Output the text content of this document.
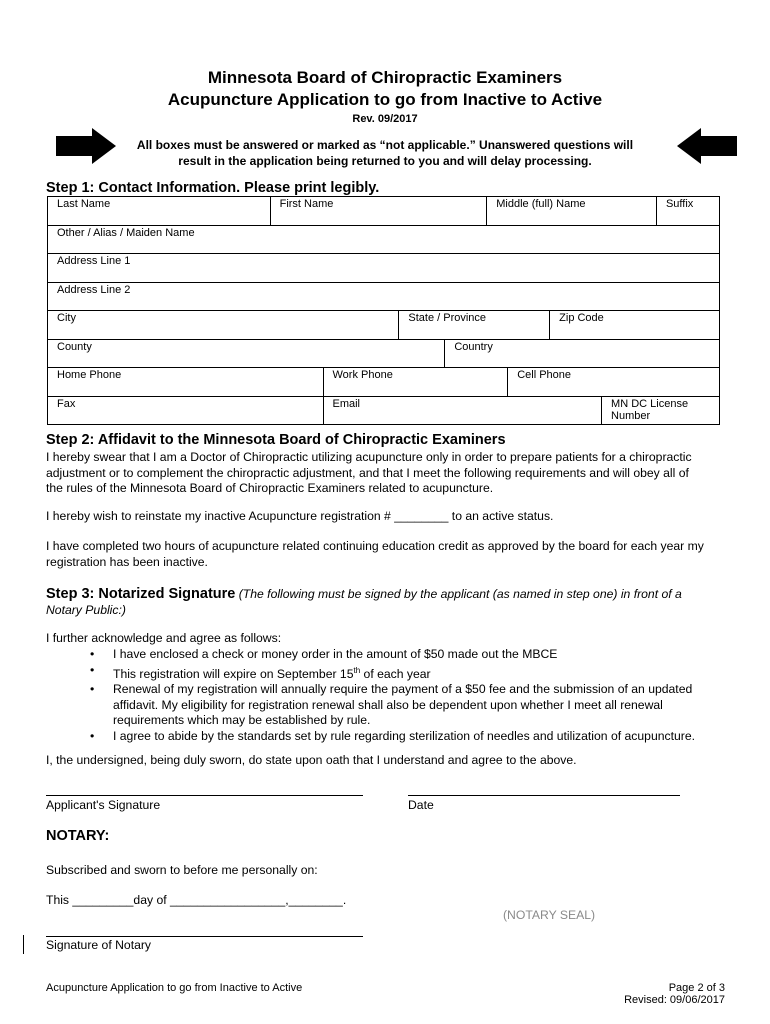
Minnesota Board of Chiropractic Examiners
Acupuncture Application to go from Inactive to Active
Rev. 09/2017
All boxes must be answered or marked as “not applicable.” Unanswered questions will
result in the application being returned to you and will delay processing.
Step 1: Contact Information. Please print legibly.
Last Name	First Name				Middle (full) Name				Suffix
Other / Alias / Maiden Name									
Address Line 1									
Address Line 2									
City			State / Province				Zip Code		
County				Country					
Home Phone		Work Phone				Cell Phone			
Fax		Email						MN DC License Number	
Step 2: Affidavit to the Minnesota Board of Chiropractic Examiners
I hereby swear that I am a Doctor of Chiropractic utilizing acupuncture only in order to prepare patients for a chiropractic
adjustment or to complement the chiropractic adjustment, and that I meet the following requirements and will obey all of
the rules of the Minnesota Board of Chiropractic Examiners related to acupuncture.
I hereby wish to reinstate my inactive Acupuncture registration # ________ to an active status.
I have completed two hours of acupuncture related continuing education credit as approved by the board for each year my
registration has been inactive.
Step 3: Notarized Signature (The following must be signed by the applicant (as named in step one) in front of a
Notary Public:)
I further acknowledge and agree as follows:
• I have enclosed a check or money order in the amount of $50 made out the MBCE
• This registration will expire on September 15th of each year
• Renewal of my registration will annually require the payment of a $50 fee and the submission of an updated
affidavit. My eligibility for registration renewal shall also be dependent upon whether I meet all renewal
requirements which may be established by rule.
• I agree to abide by the standards set by rule regarding sterilization of needles and utilization of acupuncture.
I, the undersigned, being duly sworn, do state upon oath that I understand and agree to the above.
Applicant's Signature	Date
NOTARY:
Subscribed and sworn to before me personally on:
This _________day of _________________,________.
(NOTARY SEAL)
Signature of Notary
Acupuncture Application to go from Inactive to Active	Page 2 of 3
Revised: 09/06/2017
